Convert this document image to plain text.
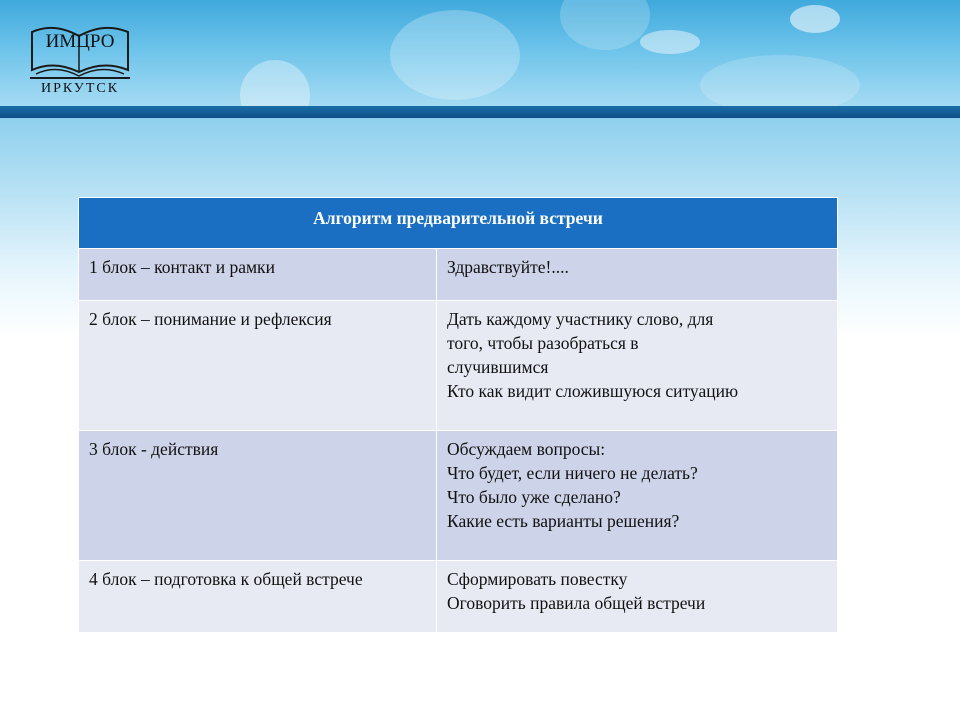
ИМЦРО
ИРКУТСК
Алгоритм предварительной встречи	
1 блок – контакт и рамки	Здравствуйте!....

2 блок – понимание и рефлексия	Дать каждому участнику слово, для
того, чтобы разобраться в
случившимся
Кто как видит сложившуюся ситуацию

3 блок - действия	Обсуждаем вопросы:
Что будет, если ничего не делать?
Что было уже сделано?
Какие есть варианты решения?

4 блок – подготовка к общей встрече	Сформировать повестку
Оговорить правила общей встречи
